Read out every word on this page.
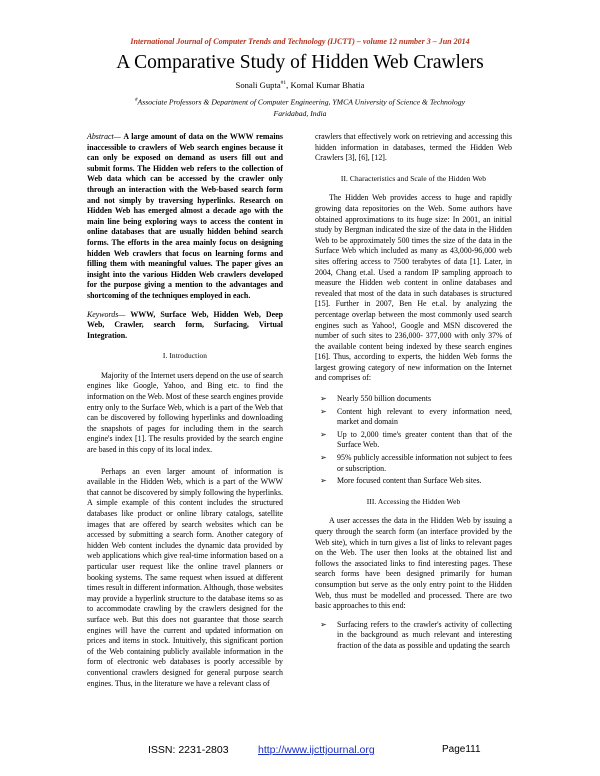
International Journal of Computer Trends and Technology (IJCTT) – volume 12 number 3 – Jun 2014
A Comparative Study of Hidden Web Crawlers
Sonali Gupta$^{\#1}$, Komal Kumar Bhatia
#Associate Professors & Department of Computer Engineering, YMCA University of Science & Technology
Faridabad, India

Abstract— A large amount of data on the WWW remains inaccessible to crawlers of Web search engines because it can only be exposed on demand as users fill out and submit forms. The Hidden web refers to the collection of Web data which can be accessed by the crawler only through an interaction with the Web-based search form and not simply by traversing hyperlinks. Research on Hidden Web has emerged almost a decade ago with the main line being exploring ways to access the content in online databases that are usually hidden behind search forms. The efforts in the area mainly focus on designing hidden Web crawlers that focus on learning forms and filling them with meaningful values. The paper gives an insight into the various Hidden Web crawlers developed for the purpose giving a mention to the advantages and shortcoming of the techniques employed in each.

Keywords— WWW, Surface Web, Hidden Web, Deep Web, Crawler, search form, Surfacing, Virtual Integration.

I. Introduction

Majority of the Internet users depend on the use of search engines like Google, Yahoo, and Bing etc. to find the information on the Web. Most of these search engines provide entry only to the Surface Web, which is a part of the Web that can be discovered by following hyperlinks and downloading the snapshots of pages for including them in the search engine's index [1]. The results provided by the search engine are based in this copy of its local index.

Perhaps an even larger amount of information is available in the Hidden Web, which is a part of the WWW that cannot be discovered by simply following the hyperlinks. A simple example of this content includes the structured databases like product or online library catalogs, satellite images that are offered by search websites which can be accessed by submitting a search form. Another category of hidden Web content includes the dynamic data provided by web applications which give real-time information based on a particular user request like the online travel planners or booking systems. The same request when issued at different times result in different information. Although, those websites may provide a hyperlink structure to the database items so as to accommodate crawling by the crawlers designed for the surface web. But this does not guarantee that those search engines will have the current and updated information on prices and items in stock. Intuitively, this significant portion of the Web containing publicly available information in the form of electronic web databases is poorly accessible by conventional crawlers designed for general purpose search engines. Thus, in the literature we have a relevant class of

crawlers that effectively work on retrieving and accessing this hidden information in databases, termed the Hidden Web Crawlers [3], [6], [12].

II. Characteristics and Scale of the Hidden Web

The Hidden Web provides access to huge and rapidly growing data repositories on the Web. Some authors have obtained approximations to its huge size: In 2001, an initial study by Bergman indicated the size of the data in the Hidden Web to be approximately 500 times the size of the data in the Surface Web which included as many as 43,000-96,000 web sites offering access to 7500 terabytes of data [1]. Later, in 2004, Chang et.al. Used a random IP sampling approach to measure the Hidden web content in online databases and revealed that most of the data in such databases is structured [15]. Further in 2007, Ben He et.al. by analyzing the percentage overlap between the most commonly used search engines such as Yahoo!, Google and MSN discovered the number of such sites to 236,000- 377,000 with only 37% of the available content being indexed by these search engines [16]. Thus, according to experts, the hidden Web forms the largest growing category of new information on the Internet and comprises of:

➢ Nearly 550 billion documents
➢ Content high relevant to every information need, market and domain
➢ Up to 2,000 time's greater content than that of the Surface Web.
➢ 95% publicly accessible information not subject to fees or subscription.
➢ More focused content than Surface Web sites.
III. Accessing the Hidden Web

A user accesses the data in the Hidden Web by issuing a query through the search form (an interface provided by the Web site), which in turn gives a list of links to relevant pages on the Web. The user then looks at the obtained list and follows the associated links to find interesting pages. These search forms have been designed primarily for human consumption but serve as the only entry point to the Hidden Web, thus must be modelled and processed. There are two basic approaches to this end:

➢ Surfacing refers to the crawler's activity of collecting in the background as much relevant and interesting fraction of the data as possible and updating the search
ISSN: 2231-2803	http://www.ijcttjournal.org	Page111
